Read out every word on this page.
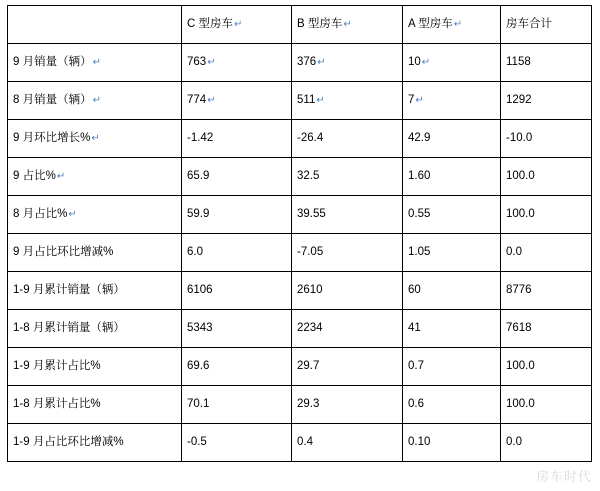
	C 型房车↵	B 型房车↵	A 型房车↵	房车合计
9 月销量（辆）↵	763↵	376↵	10↵	1158
8 月销量（辆）↵	774↵	511↵	7↵	1292
9 月环比增长%↵	-1.42	-26.4	42.9	-10.0
9 占比%↵	65.9	32.5	1.60	100.0
8 月占比%↵	59.9	39.55	0.55	100.0
9 月占比环比增减%	6.0	-7.05	1.05	0.0
1-9 月累计销量（辆）	6106	2610	60	8776
1-8 月累计销量（辆）	5343	2234	41	7618
1-9 月累计占比%	69.6	29.7	0.7	100.0
1-8 月累计占比%	70.1	29.3	0.6	100.0
1-9 月占比环比增减%	-0.5	0.4	0.10	0.0
房车时代
